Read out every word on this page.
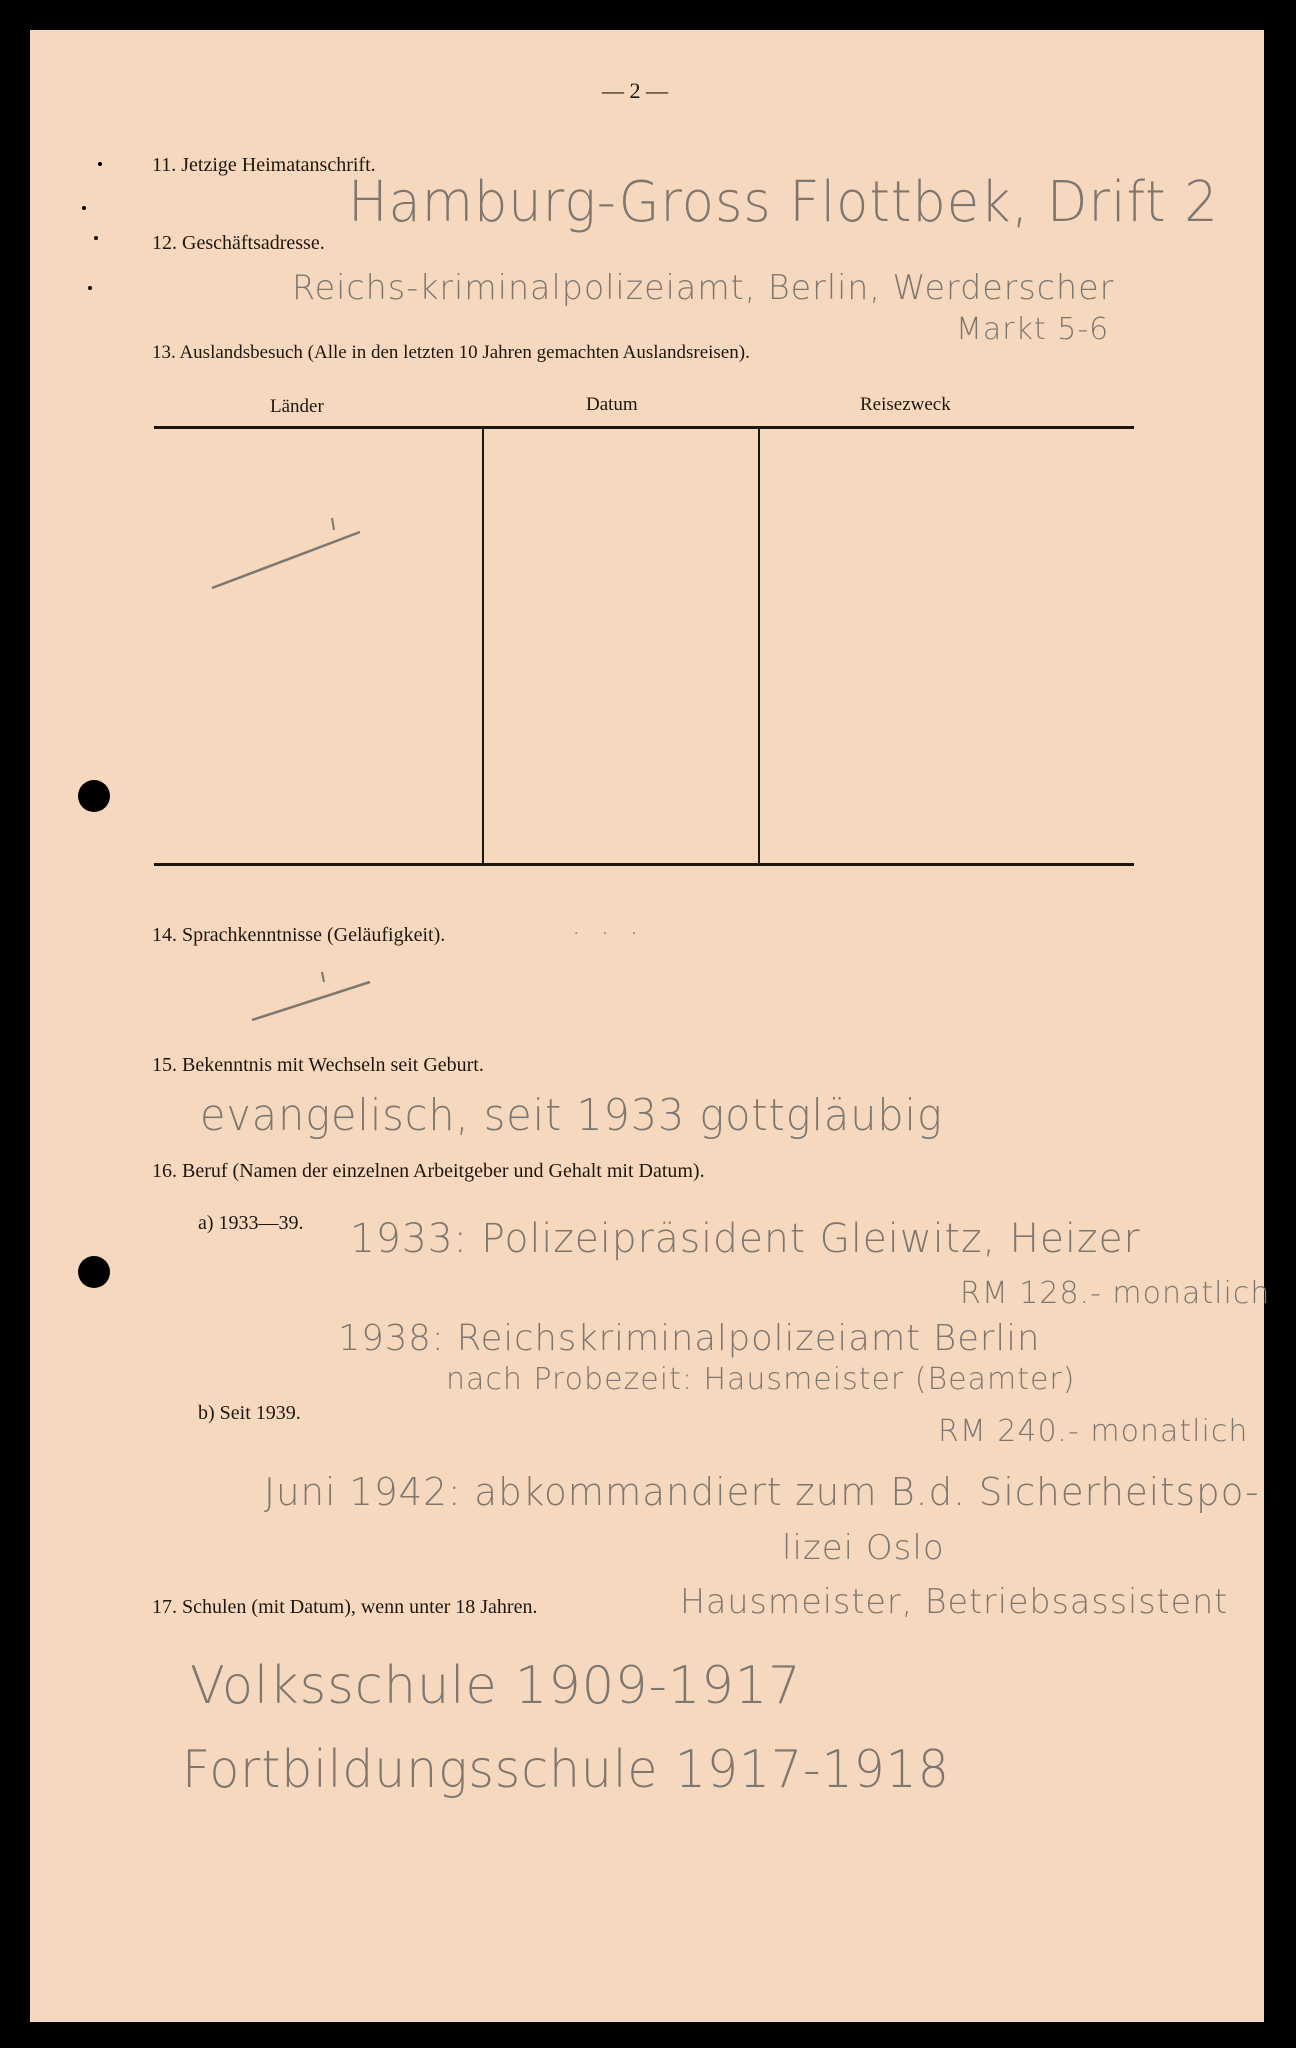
— 2 —
11. Jetzige Heimatanschrift.
Hamburg-Gross Flottbek, Drift 2
12. Geschäftsadresse.
Reichs-kriminalpolizeiamt, Berlin, Werderscher
Markt 5-6
13. Auslandsbesuch (Alle in den letzten 10 Jahren gemachten Auslandsreisen).
Länder	Datum	Reisezweck
14. Sprachkenntnisse (Geläufigkeit).	· · ·
15. Bekenntnis mit Wechseln seit Geburt.
evangelisch, seit 1933 gottgläubig
16. Beruf (Namen der einzelnen Arbeitgeber und Gehalt mit Datum).
a) 1933—39.
b) Seit 1939.
1933: Polizeipräsident Gleiwitz, Heizer
RM 128.- monatlich
1938: Reichskriminalpolizeiamt Berlin
nach Probezeit: Hausmeister (Beamter)
RM 240.- monatlich
Juni 1942: abkommandiert zum B.d. Sicherheitspo-
lizei Oslo
Hausmeister, Betriebsassistent
17. Schulen (mit Datum), wenn unter 18 Jahren.
Volksschule 1909-1917
Fortbildungsschule 1917-1918
